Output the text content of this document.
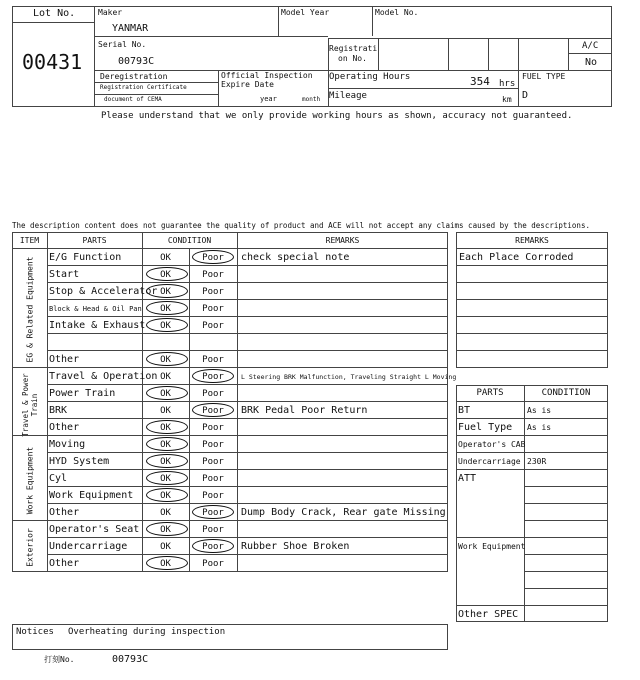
Lot No.
00431
Maker
YANMAR
Model Year	Model No.
Serial No.
00793C
Registrati
on No.
A/C
No
Deregistration
Registration Certificate
document of CEMA
Official Inspection
Expire Date
year	month
Operating Hours	354 hrs
Mileage	km
FUEL TYPE
D
Please understand that we only provide working hours as shown, accuracy not guaranteed.
The description content does not guarantee the quality of product and ACE will not accept any claims caused by the descriptions.
ITEM	PARTS	CONDITION	REMARKS
EG & Related Equipment
Travel & Power Train
Work Equipment
Exterior
E/G Function	OK	Poor	check special note
Start	OK	Poor
Stop & Accelerator OK	Poor
Block & Head & Oil Pan	OK	Poor
Intake & Exhaust	OK	Poor
Other	OK	Poor
Travel & Operation OK	Poor	L Steering BRK Malfunction, Traveling Straight L Moving
Power Train	OK	Poor
BRK	OK	Poor	BRK Pedal Poor Return
Other	OK	Poor
Moving	OK	Poor
HYD System	OK	Poor
Cyl	OK	Poor
Work Equipment	OK	Poor
Other	OK	Poor	Dump Body Crack, Rear gate Missing
Operator's Seat	OK	Poor
Undercarriage	OK	Poor	Rubber Shoe Broken
Other	OK	Poor
REMARKS
Each Place Corroded
PARTS	CONDITION
BT	As is
Fuel Type As is
Operator's CAB
Undercarriage 230R
ATT
Work Equipment
Other SPEC
Notices Overheating during inspection
打刻No.	00793C
